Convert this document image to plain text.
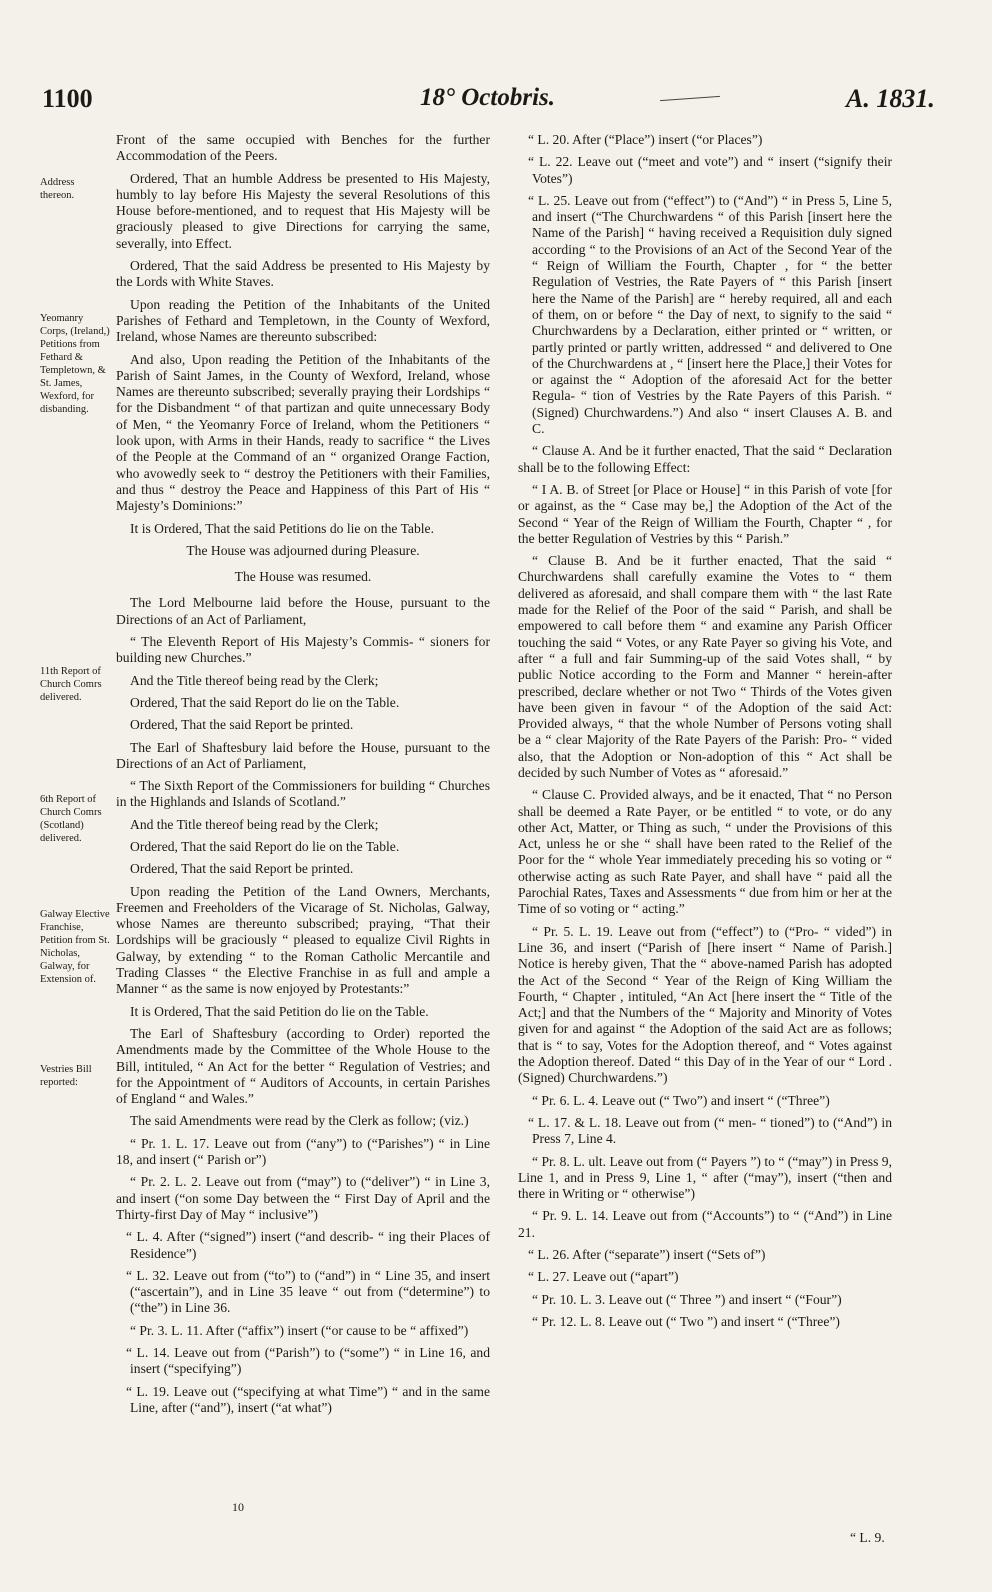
1100	18° Octobris.	A. 1831.
Address thereon.
Yeomanry Corps, (Ireland,) Petitions from Fethard & Templetown, & St. James, Wexford, for disbanding.
11th Report of Church Comrs delivered.
6th Report of Church Comrs (Scotland) delivered.
Galway Elective Franchise, Petition from St. Nicholas, Galway, for Extension of.
Vestries Bill reported:

Front of the same occupied with Benches for the further Accommodation of the Peers.

Ordered, That an humble Address be presented to His Majesty, humbly to lay before His Majesty the several Resolutions of this House before-mentioned, and to request that His Majesty will be graciously pleased to give Directions for carrying the same, severally, into Effect.

Ordered, That the said Address be presented to His Majesty by the Lords with White Staves.

Upon reading the Petition of the Inhabitants of the United Parishes of Fethard and Templetown, in the County of Wexford, Ireland, whose Names are thereunto subscribed:

And also, Upon reading the Petition of the Inhabitants of the Parish of Saint James, in the County of Wexford, Ireland, whose Names are thereunto subscribed; severally praying their Lordships “ for the Disbandment “ of that partizan and quite unnecessary Body of Men, “ the Yeomanry Force of Ireland, whom the Petitioners “ look upon, with Arms in their Hands, ready to sacrifice “ the Lives of the People at the Command of an “ organized Orange Faction, who avowedly seek to “ destroy the Petitioners with their Families, and thus “ destroy the Peace and Happiness of this Part of His “ Majesty’s Dominions:”

It is Ordered, That the said Petitions do lie on the Table.

The House was adjourned during Pleasure.

The House was resumed.

The Lord Melbourne laid before the House, pursuant to the Directions of an Act of Parliament,

“ The Eleventh Report of His Majesty’s Commis- “ sioners for building new Churches.”

And the Title thereof being read by the Clerk;

Ordered, That the said Report do lie on the Table.

Ordered, That the said Report be printed.

The Earl of Shaftesbury laid before the House, pursuant to the Directions of an Act of Parliament,

“ The Sixth Report of the Commissioners for building “ Churches in the Highlands and Islands of Scotland.”

And the Title thereof being read by the Clerk;

Ordered, That the said Report do lie on the Table.

Ordered, That the said Report be printed.

Upon reading the Petition of the Land Owners, Merchants, Freemen and Freeholders of the Vicarage of St. Nicholas, Galway, whose Names are thereunto subscribed; praying, “That their Lordships will be graciously “ pleased to equalize Civil Rights in Galway, by extending “ to the Roman Catholic Mercantile and Trading Classes “ the Elective Franchise in as full and ample a Manner “ as the same is now enjoyed by Protestants:”

It is Ordered, That the said Petition do lie on the Table.

The Earl of Shaftesbury (according to Order) reported the Amendments made by the Committee of the Whole House to the Bill, intituled, “ An Act for the better “ Regulation of Vestries; and for the Appointment of “ Auditors of Accounts, in certain Parishes of England “ and Wales.”

The said Amendments were read by the Clerk as follow; (viz.)

“ Pr. 1. L. 17. Leave out from (“any”) to (“Parishes”) “ in Line 18, and insert (“ Parish or”)

“ Pr. 2. L. 2. Leave out from (“may”) to (“deliver”) “ in Line 3, and insert (“on some Day between the “ First Day of April and the Thirty-first Day of May “ inclusive”)

“ L. 4. After (“signed”) insert (“and describ- “ ing their Places of Residence”)

“ L. 32. Leave out from (“to”) to (“and”) in “ Line 35, and insert (“ascertain”), and in Line 35 leave “ out from (“determine”) to (“the”) in Line 36.

“ Pr. 3. L. 11. After (“affix”) insert (“or cause to be “ affixed”)

“ L. 14. Leave out from (“Parish”) to (“some”) “ in Line 16, and insert (“specifying”)

“ L. 19. Leave out (“specifying at what Time”) “ and in the same Line, after (“and”), insert (“at what”)

10

“ L. 20. After (“Place”) insert (“or Places”)

“ L. 22. Leave out (“meet and vote”) and “ insert (“signify their Votes”)

“ L. 25. Leave out from (“effect”) to (“And”) “ in Press 5, Line 5, and insert (“The Churchwardens “ of this Parish [insert here the Name of the Parish] “ having received a Requisition duly signed according “ to the Provisions of an Act of the Second Year of the “ Reign of William the Fourth, Chapter , for “ the better Regulation of Vestries, the Rate Payers of “ this Parish [insert here the Name of the Parish] are “ hereby required, all and each of them, on or before “ the Day of next, to signify to the said “ Churchwardens by a Declaration, either printed or “ written, or partly printed or partly written, addressed “ and delivered to One of the Churchwardens at , “ [insert here the Place,] their Votes for or against the “ Adoption of the aforesaid Act for the better Regula- “ tion of Vestries by the Rate Payers of this Parish. “ (Signed) Churchwardens.”) And also “ insert Clauses A. B. and C.

“ Clause A. And be it further enacted, That the said “ Declaration shall be to the following Effect:

“ I A. B. of Street [or Place or House] “ in this Parish of vote [for or against, as the “ Case may be,] the Adoption of the Act of the Second “ Year of the Reign of William the Fourth, Chapter “ , for the better Regulation of Vestries by this “ Parish.”

“ Clause B. And be it further enacted, That the said “ Churchwardens shall carefully examine the Votes to “ them delivered as aforesaid, and shall compare them with “ the last Rate made for the Relief of the Poor of the said “ Parish, and shall be empowered to call before them “ and examine any Parish Officer touching the said “ Votes, or any Rate Payer so giving his Vote, and after “ a full and fair Summing-up of the said Votes shall, “ by public Notice according to the Form and Manner “ herein-after prescribed, declare whether or not Two “ Thirds of the Votes given have been given in favour “ of the Adoption of the said Act: Provided always, “ that the whole Number of Persons voting shall be a “ clear Majority of the Rate Payers of the Parish: Pro- “ vided also, that the Adoption or Non-adoption of this “ Act shall be decided by such Number of Votes as “ aforesaid.”

“ Clause C. Provided always, and be it enacted, That “ no Person shall be deemed a Rate Payer, or be entitled “ to vote, or do any other Act, Matter, or Thing as such, “ under the Provisions of this Act, unless he or she “ shall have been rated to the Relief of the Poor for the “ whole Year immediately preceding his so voting or “ otherwise acting as such Rate Payer, and shall have “ paid all the Parochial Rates, Taxes and Assessments “ due from him or her at the Time of so voting or “ acting.”

“ Pr. 5. L. 19. Leave out from (“effect”) to (“Pro- “ vided”) in Line 36, and insert (“Parish of [here insert “ Name of Parish.] Notice is hereby given, That the “ above-named Parish has adopted the Act of the Second “ Year of the Reign of King William the Fourth, “ Chapter , intituled, “An Act [here insert the “ Title of the Act;] and that the Numbers of the “ Majority and Minority of Votes given for and against “ the Adoption of the said Act are as follows; that is “ to say, Votes for the Adoption thereof, and “ Votes against the Adoption thereof. Dated “ this Day of in the Year of our “ Lord . (Signed) Churchwardens.”)

“ Pr. 6. L. 4. Leave out (“ Two”) and insert “ (“Three”)

“ L. 17. & L. 18. Leave out from (“ men- “ tioned”) to (“And”) in Press 7, Line 4.

“ Pr. 8. L. ult. Leave out from (“ Payers ”) to “ (“may”) in Press 9, Line 1, and in Press 9, Line 1, “ after (“may”), insert (“then and there in Writing or “ otherwise”)

“ Pr. 9. L. 14. Leave out from (“Accounts”) to “ (“And”) in Line 21.

“ L. 26. After (“separate”) insert (“Sets of”)

“ L. 27. Leave out (“apart”)

“ Pr. 10. L. 3. Leave out (“ Three ”) and insert “ (“Four”)

“ Pr. 12. L. 8. Leave out (“ Two ”) and insert “ (“Three”)

“ L. 9.
